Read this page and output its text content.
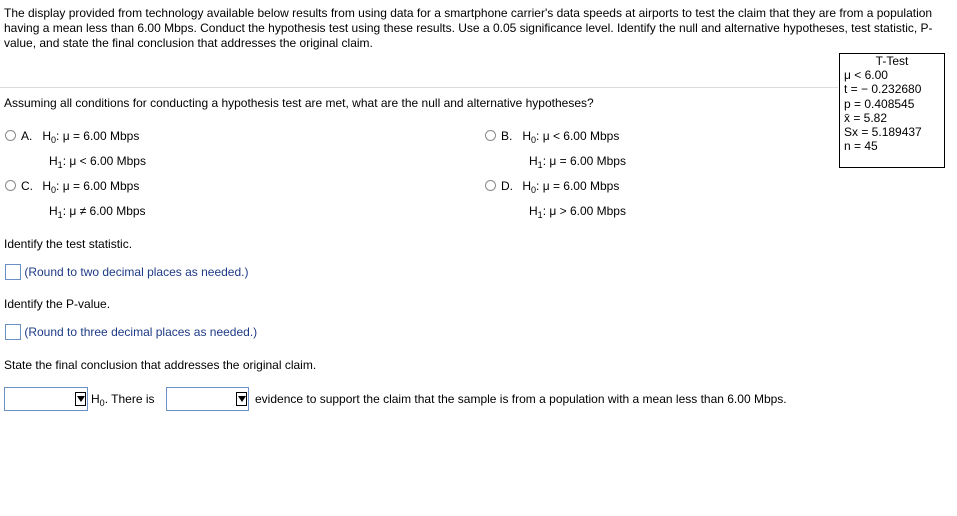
The display provided from technology available below results from using data for a smartphone carrier's data speeds at airports to test the claim that they are from a population having a mean less than 6.00 Mbps. Conduct the hypothesis test using these results. Use a 0.05 significance level. Identify the null and alternative hypotheses, test statistic, P-value, and state the final conclusion that addresses the original claim.
T-Test
μ < 6.00
t = − 0.232680
p = 0.408545
x̄ = 5.82
Sx = 5.189437
n = 45
Assuming all conditions for conducting a hypothesis test are met, what are the null and alternative hypotheses?
A. $H_0$: μ = 6.00 Mbps
$H_1$: μ < 6.00 Mbps
B. $H_0$: μ < 6.00 Mbps
$H_1$: μ = 6.00 Mbps
C. $H_0$: μ = 6.00 Mbps
$H_1$: μ ≠ 6.00 Mbps
D. $H_0$: μ = 6.00 Mbps
$H_1$: μ > 6.00 Mbps
Identify the test statistic.
(Round to two decimal places as needed.)
Identify the P-value.
(Round to three decimal places as needed.)
State the final conclusion that addresses the original claim.
$H_0$. There is	evidence to support the claim that the sample is from a population with a mean less than 6.00 Mbps.
